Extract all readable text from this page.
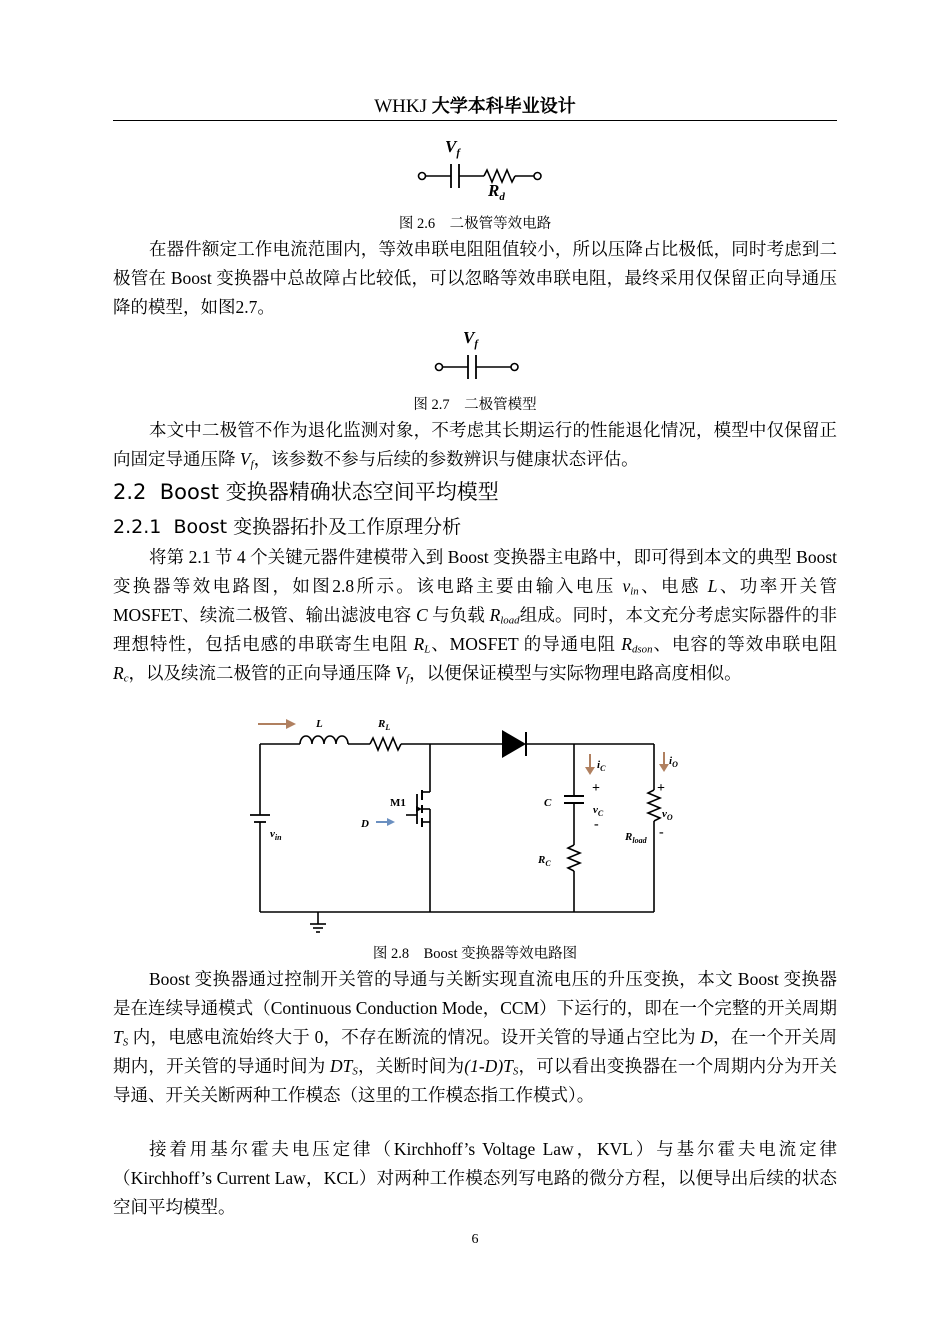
WHKJ 大学本科毕业设计
$V_f$
$R_d$
图 2.6　二极管等效电路

在器件额定工作电流范围内，等效串联电阻阻值较小，所以压降占比极低，同时考虑到二极管在 Boost 变换器中总故障占比较低，可以忽略等效串联电阻，最终采用仅保留正向导通压降的模型，如图2.7。

$V_f$
图 2.7　二极管模型

本文中二极管不作为退化监测对象，不考虑其长期运行的性能退化情况，模型中仅保留正向固定导通压降 $V_f$，该参数不参与后续的参数辨识与健康状态评估。

2.2 Boost 变换器精确状态空间平均模型
2.2.1 Boost 变换器拓扑及工作原理分析

将第 2.1 节 4 个关键元器件建模带入到 Boost 变换器主电路中，即可得到本文的典型 Boost 变换器等效电路图，如图2.8所示。该电路主要由输入电压 $v_{in}$、电感 L、功率开关管 MOSFET、续流二极管、输出滤波电容 C 与负载 $R_{load}$组成。同时，本文充分考虑实际器件的非理想特性，包括电感的串联寄生电阻 $R_L$、MOSFET 的导通电阻 $R_{dson}$、电容的等效串联电阻 $R_c$，以及续流二极管的正向导通压降 $V_f$，以便保证模型与实际物理电路高度相似。

L	$R_L$
$v_{in}$
D
C
$R_C$
$i_C$
$v_C$
$i_O$
$v_O$
$R_{load}$
M1
+
-
+
-
图 2.8　Boost 变换器等效电路图

Boost 变换器通过控制开关管的导通与关断实现直流电压的升压变换，本文 Boost 变换器是在连续导通模式（Continuous Conduction Mode，CCM）下运行的，即在一个完整的开关周期 $T_S$ 内，电感电流始终大于 0，不存在断流的情况。设开关管的导通占空比为 D，在一个开关周期内，开关管的导通时间为 $DT_S$，关断时间为$(1-D)T_S$，可以看出变换器在一个周期内分为开关导通、开关关断两种工作模态（这里的工作模态指工作模式）。

接着用基尔霍夫电压定律（Kirchhoff’s Voltage Law，KVL）与基尔霍夫电流定律（Kirchhoff’s Current Law，KCL）对两种工作模态列写电路的微分方程，以便导出后续的状态空间平均模型。

6
